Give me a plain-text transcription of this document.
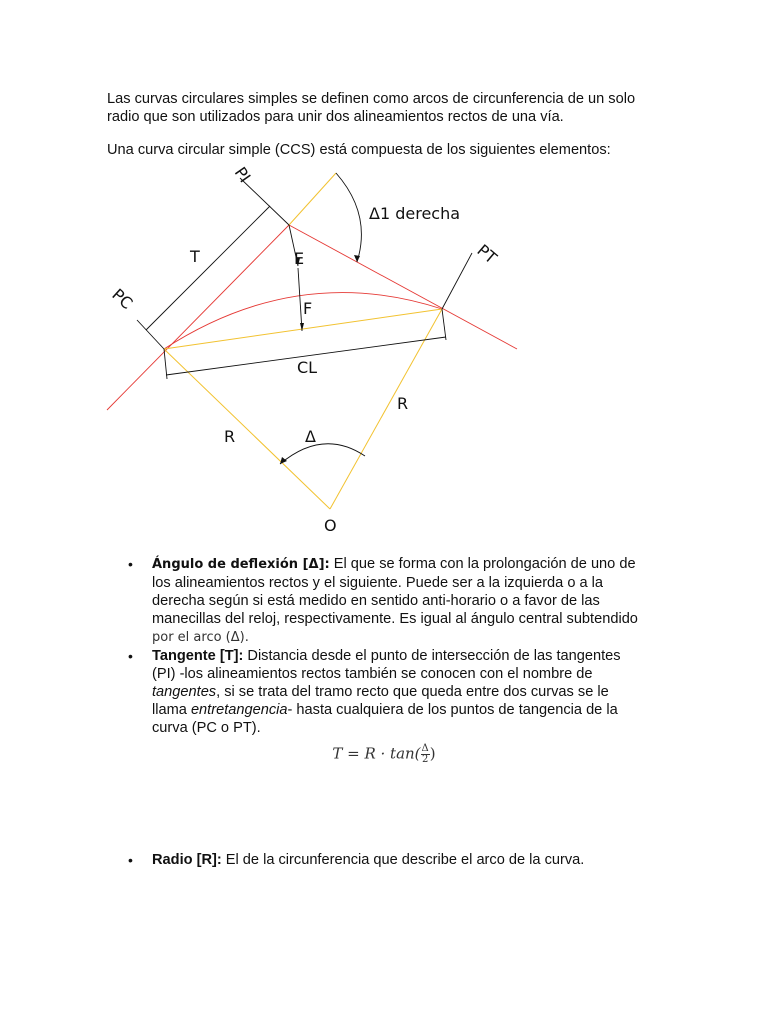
Las curvas circulares simples se definen como arcos de circunferencia de un solo radio que son utilizados para unir dos alineamientos rectos de una vía.

Una curva circular simple (CCS) está compuesta de los siguientes elementos:

PI
PT
PC
T	E
F
CL
R
R
Δ
O
Δ1 derecha
• Ángulo de deflexión [Δ]: El que se forma con la prolongación de uno de los alineamientos rectos y el siguiente. Puede ser a la izquierda o a la derecha según si está medido en sentido anti-horario o a favor de las manecillas del reloj, respectivamente. Es igual al ángulo central subtendido por el arco (Δ).
• Tangente [T]: Distancia desde el punto de intersección de las tangentes (PI) -los alineamientos rectos también se conocen con el nombre de tangentes, si se trata del tramo recto que queda entre dos curvas se le llama entretangencia- hasta cualquiera de los puntos de tangencia de la curva (PC o PT).
$T = R \cdot \tan( \frac{\Delta}{2}$ )
• Radio [R]: El de la circunferencia que describe el arco de la curva.
